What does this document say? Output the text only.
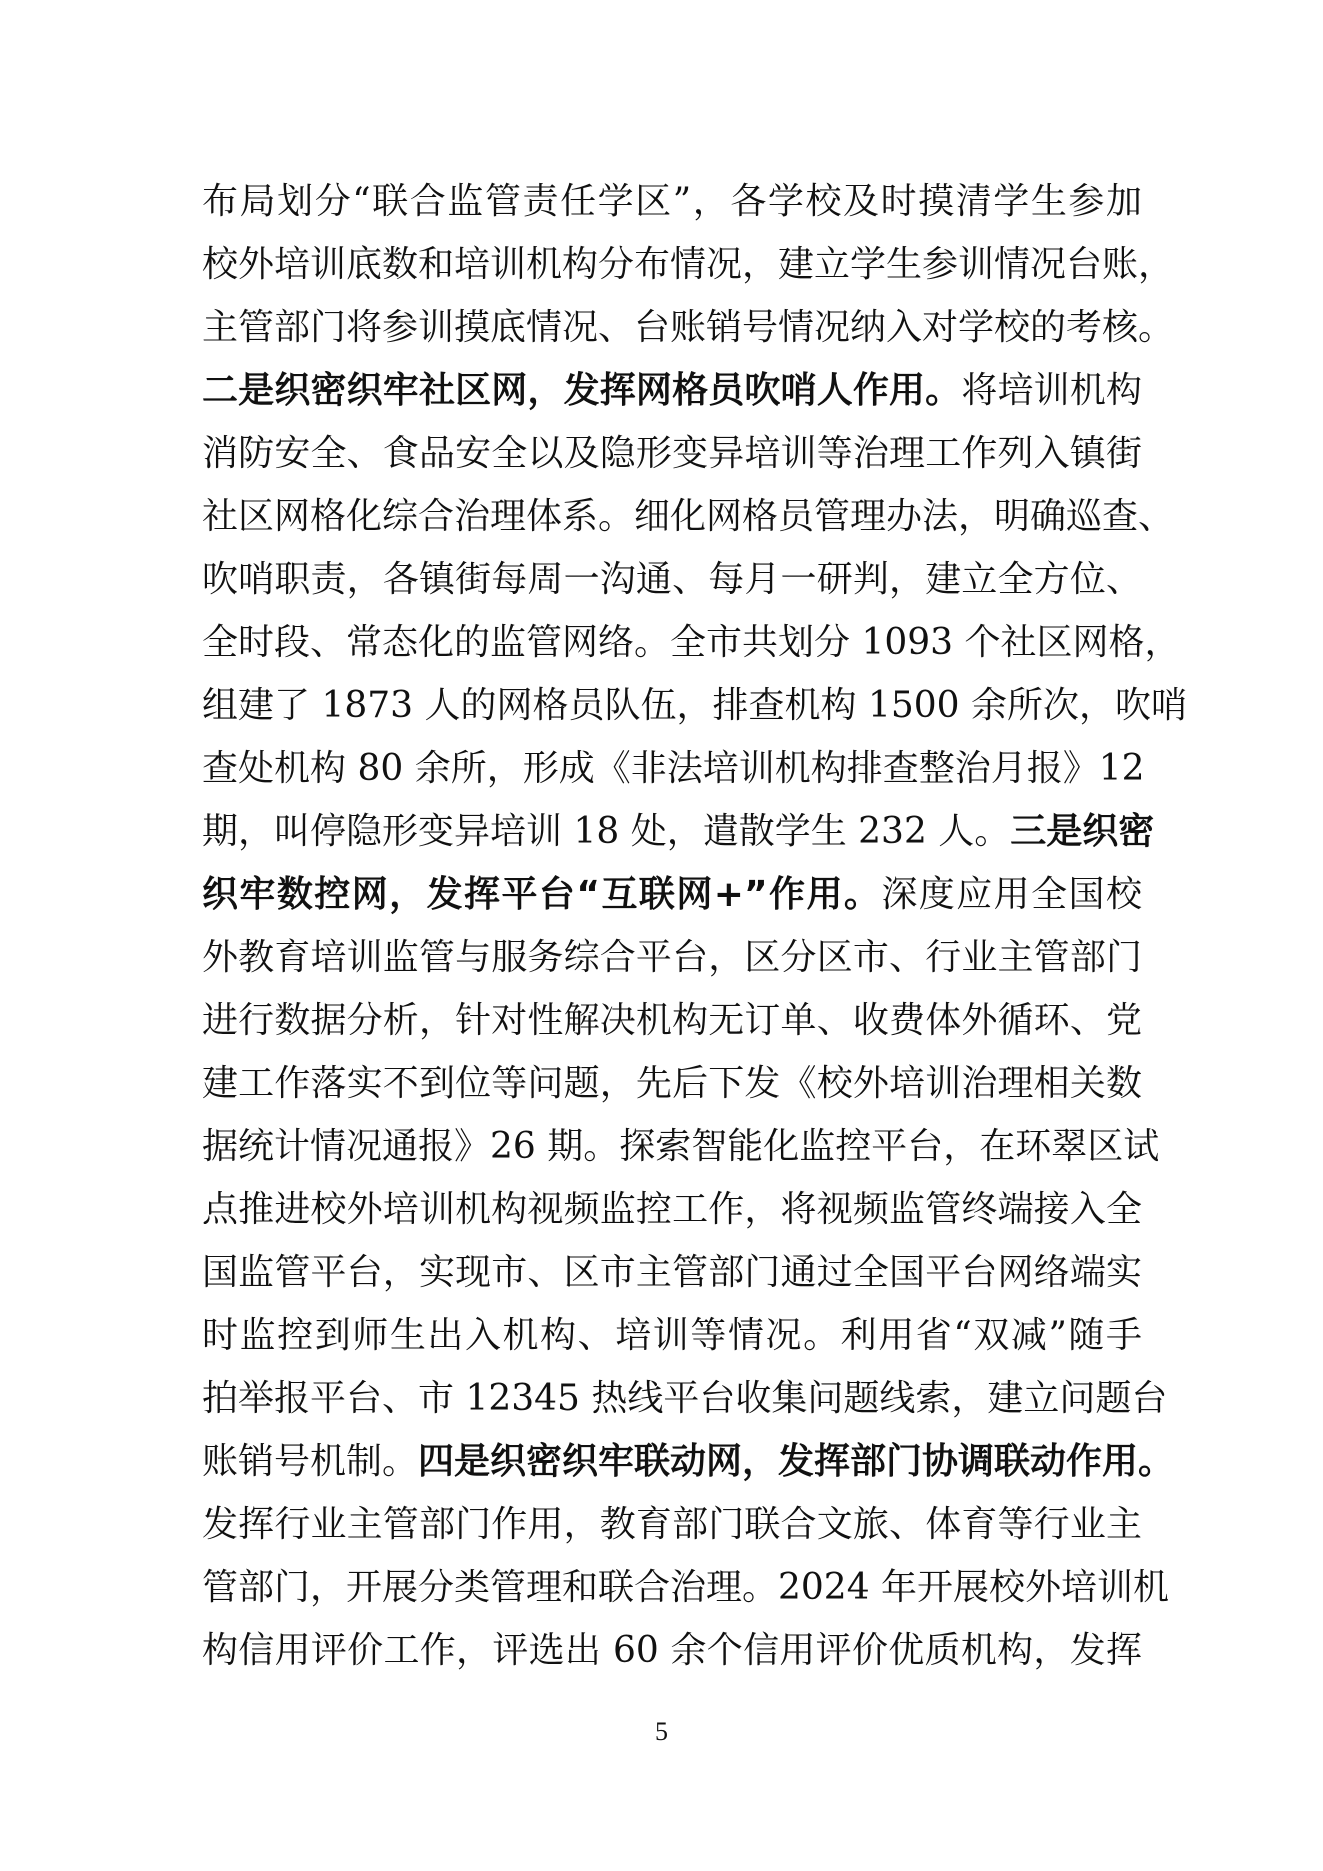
布局划分“联合监管责任学区”，各学校及时摸清学生参加
校外培训底数和培训机构分布情况，建立学生参训情况台账，
主管部门将参训摸底情况、台账销号情况纳入对学校的考核。
二是织密织牢社区网，发挥网格员吹哨人作用。将培训机构
消防安全、食品安全以及隐形变异培训等治理工作列入镇街
社区网格化综合治理体系。细化网格员管理办法，明确巡查、
吹哨职责，各镇街每周一沟通、每月一研判，建立全方位、
全时段、常态化的监管网络。全市共划分 1093 个社区网格，
组建了 1873 人的网格员队伍，排查机构 1500 余所次，吹哨
查处机构 80 余所，形成《非法培训机构排查整治月报》12
期，叫停隐形变异培训 18 处，遣散学生 232 人。三是织密
织牢数控网，发挥平台“互联网+”作用。深度应用全国校
外教育培训监管与服务综合平台，区分区市、行业主管部门
进行数据分析，针对性解决机构无订单、收费体外循环、党
建工作落实不到位等问题，先后下发《校外培训治理相关数
据统计情况通报》26 期。探索智能化监控平台，在环翠区试
点推进校外培训机构视频监控工作，将视频监管终端接入全
国监管平台，实现市、区市主管部门通过全国平台网络端实
时监控到师生出入机构、培训等情况。利用省“双减”随手
拍举报平台、市 12345 热线平台收集问题线索，建立问题台
账销号机制。四是织密织牢联动网，发挥部门协调联动作用。
发挥行业主管部门作用，教育部门联合文旅、体育等行业主
管部门，开展分类管理和联合治理。2024 年开展校外培训机
构信用评价工作，评选出 60 余个信用评价优质机构，发挥
5
